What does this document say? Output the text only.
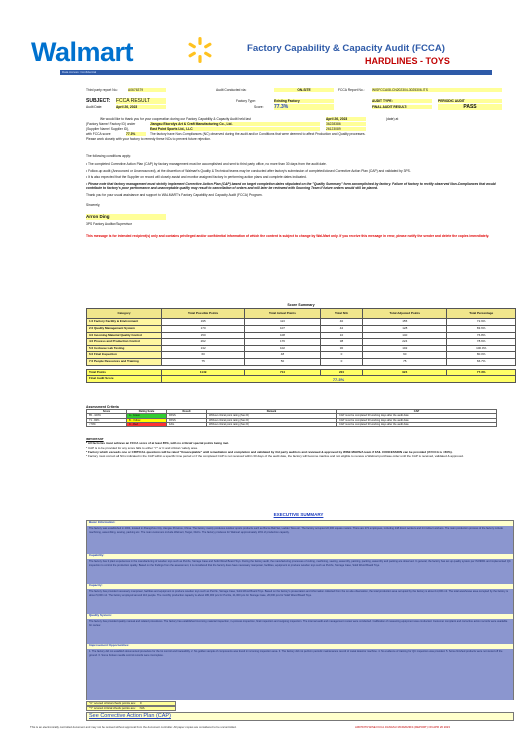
Walmart	Factory Capability & Capacity Audit (FCCA)
HARDLINES - TOYS
Data Access: Confidential
Third party report No.:	A0676379	Audit Conducted via:	ON-SITE	FCCA Report No.: WISFCCA08-CN202304-3025306-ITS
SUBJECT: FCCA RESULT	Factory Type:	Existing Factory	AUDIT TYPE:	PERIODIC AUDIT
Audit Date:	April 26, 2023	Score: 77.3%	FINAL AUDIT RESULT:	PASS
We would like to thank you for your cooperation during our Factory Capability & Capacity Audit held last	April 26, 2023	(date) at
(Factory Name/ Factory ID) under	Jiangsu Ekorolys Art & Craft Manufacturing Co., Ltd.	36228386
(Supplier Name/ Supplier ID),	East Point Sports Ltd., LLC	26123089
with FCCA score	77.3%	The factory have Non-Compliances (NC) observed during the audit and/or Conditions that were deemed to affect Production and Quality processes.
Please work closely with your factory to remedy these NCs to prevent future rejection.
The following conditions apply:
• The completed Corrective Action Plan (CAP) by factory management must be accomplished and sent to third party office, no more than 30 days from the audit date.
• Follow-up audit (Announced or Unannounced), at the discretion of Walmart's Quality & Technical teams may be conducted after factory's submission of completed/closed Corrective Action Plan (CAP) and validated by 3PS.
• It is also expected that the Supplier on record will closely assist and monitor assigned factory in performing action plans and complete dates indicated.
• Please note that factory management must strictly implement Corrective Action Plan (CAP) based on target completion dates stipulated on the "Quality Summary" form accomplished by factory. Failure of factory to rectify observed Non-Compliances that would contribute to factory's poor performance and unacceptable quality may result to cancellation of orders and will later be reviewed with Sourcing Team if future orders would still be placed.
Thank you for your usual assistance and support to WALMART's Factory Capability and Capacity Audit (FCCA) Program.
Sincerely,
Arron Ding
3PS Factory Auditor/Supervisor
This message is for intended recipient(s) only and contains privileged and/or confidential information of which the content is subject to change by Wal-Mart only. If you receive this message in error, please notify the sender and delete the copies immediately.
Score Summary
Category	Total Possible Points	Total Actual Points	Total N/A	Total Adjusted Points	Total Percentage
1.0 Factory Facility & Environment	195	113	40	155	72.9%
2.0 Quality Management System	170	107	42	128	83.6%
3.0 Incoming Material Quality Control	150	108	10	140	76.8%
4.0 Process and Production Control	262	176	38	224	78.6%
5.0 In-House Lab Testing	132	102	30	102	100.0%
6.0 Final Inspection	60	48	0	60	80.0%
7.0 People Resources and Training	75	50	0	75	66.7%

Total Points	1149	714	224	924	77.3%
Final Audit Score	77.3%				
Assessment Criteria
Score	Rating Scale	Result	Remark	CAP
85 - 100%	A - Green	PASS	Without critical point rating (Sec.D)	CAP must be completed 30 working days after the audit date
71 - 84%	B - Yellow	PASS	Without critical point rating (Sec.D)	CAP must be completed 30 working days after the audit date
<70%	C - Red	FAIL	Without critical point rating (Sec.D)	CAP must be completed 30 working days after the audit date
IMPORTANT
* All factories must achieve an FCCA score of at least 85%, with no critical/ special points being met.
* CAP is to be provided for any score falls to either "Y" or C and critical / safety area.
* Factory which exceeds one or CRITICAL questions will be rated "Unacceptable" until remediation and completion and validated by 3rd party auditors and reviewed & approved by WISE MGRS/A team if FAIL CONCESSION can be provided (if FCCA is <60%).
* Factory must correct all NCs indicated in the CAP within a specific time period or if the completed CAP is not received within 30 days of the audit date, the factory will become inactive and not eligible to receive a Walmart purchase order until the CAP is received, validated & approved.
EXECUTIVE SUMMARY
Basic Information:
The factory was established in 2004, located in Zhangzhou City, Jiangsu Province, China. The factory mainly produces outdoor sports products such as Bocce Ball Set, Ladder Toss etc. The factory occupied 22,000 square meters. There are 272 employees, including 248 direct workers and 24 indirect workers. The main production process of the factory include machining, assembling, sewing, packing etc. The main customers include Walmart, Target, Dick's. The factory produces for Walmart approximately 20% of production capacity.
Capability:
The factory has 3 plant experiences in the manufacturing of wooden toys such as Puzzle, Storage Case and Solid Wood Board Toys. During the factory audit, the manufacturing processes of cutting, machining, sewing, assembly, painting, packing, assembly and packing are observed. In general, the factory has set up quality system per ISO9001 and implemented QC inspection to control the production quality. Based on the findings from the assessment, it is considered that the factory does have necessary manpower, facilities, equipment to produce wooden toys such as Puzzle, Storage Case, Solid Wood Board Toys.
Capacity:
The factory has provided necessary manpower, facilities and equipment to produce wooden toys such as Puzzle, Storage Case, Solid Wood Board Toys. Based on the factory's presentation and information collected from the on-site observation, the total production area occupied by the factory is about 11,000 m2. The total warehouse area occupied by the factory is about 5,000 m2. The factory employed around 110 people. The monthly production capacity is about 180,000 pcs for Puzzle, 21,000 pcs for Storage Case, 20,000 pcs for Solid Wood Board Toys.
Quality System:
The factory has provided quality manual and related procedures. The factory has established incoming material inspection, in-process inspection, final inspection and outgoing inspection. The internal audit and management review were conducted. Calibration of measuring equipment was conducted. Customer complaint and corrective action records were available for review.
Improvement Opportunities:
1. The factory did not establish documented procedure for the lot control and traceability. 2. No golden sample of components was found in incoming inspection area. 3. The factory did not perform periodic maintenance record of metal detector machine. 4. No evidence of training for QC inspectors was provided. 5. Some finished products were not stored off the ground. 6. Some broken needle control records were incomplete.
"C" scored critical check points are: 0
"Y" scored critical check points are: N/A
See Corrective Action Plan (CAP)
This is an electronically controlled document and may not be revised without approval from the document controller. All paper copies are considered to be uncontrolled.	A0676379 WISE FCCA JIANGSU MCR2023F4 (REPORT) ON APR 26 2023
